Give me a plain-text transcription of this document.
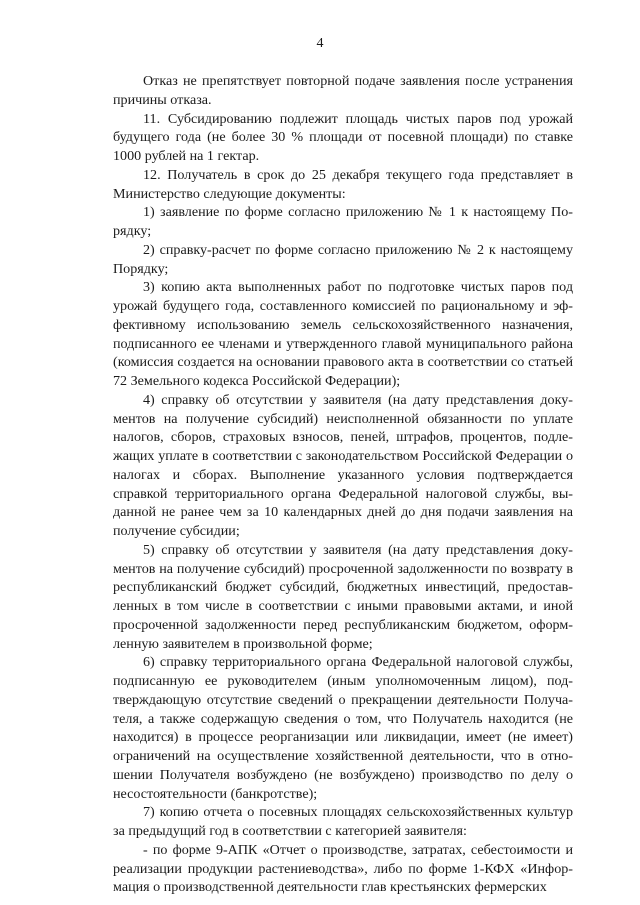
4

Отказ не препятствует повторной подаче заявления после устранения причины отказа.

11. Субсидированию подлежит площадь чистых паров под урожай будущего года (не более 30 % площади от посевной площади) по ставке 1000 рублей на 1 гектар.

12. Получатель в срок до 25 декабря текущего года представляет в Министерство следующие документы:

1) заявление по форме согласно приложению № 1 к настоящему Порядку;

2) справку-расчет по форме согласно приложению № 2 к настоящему Порядку;

3) копию акта выполненных работ по подготовке чистых паров под урожай будущего года, составленного комиссией по рациональному и эффективному использованию земель сельскохозяйственного назначения, подписанного ее членами и утвержденного главой муниципального района (комиссия создается на основании правового акта в соответствии со статьей 72 Земельного кодекса Российской Федерации);

4) справку об отсутствии у заявителя (на дату представления документов на получение субсидий) неисполненной обязанности по уплате налогов, сборов, страховых взносов, пеней, штрафов, процентов, подлежащих уплате в соответствии с законодательством Российской Федерации о налогах и сборах. Выполнение указанного условия подтверждается справкой территориального органа Федеральной налоговой службы, выданной не ранее чем за 10 календарных дней до дня подачи заявления на получение субсидии;

5) справку об отсутствии у заявителя (на дату представления документов на получение субсидий) просроченной задолженности по возврату в республиканский бюджет субсидий, бюджетных инвестиций, предоставленных в том числе в соответствии с иными правовыми актами, и иной просроченной задолженности перед республиканским бюджетом, оформленную заявителем в произвольной форме;

6) справку территориального органа Федеральной налоговой службы, подписанную ее руководителем (иным уполномоченным лицом), подтверждающую отсутствие сведений о прекращении деятельности Получателя, а также содержащую сведения о том, что Получатель находится (не находится) в процессе реорганизации или ликвидации, имеет (не имеет) ограничений на осуществление хозяйственной деятельности, что в отношении Получателя возбуждено (не возбуждено) производство по делу о несостоятельности (банкротстве);

7) копию отчета о посевных площадях сельскохозяйственных культур за предыдущий год в соответствии с категорией заявителя:

- по форме 9-АПК «Отчет о производстве, затратах, себестоимости и реализации продукции растениеводства», либо по форме 1-КФХ «Информация о производственной деятельности глав крестьянских фермерских
